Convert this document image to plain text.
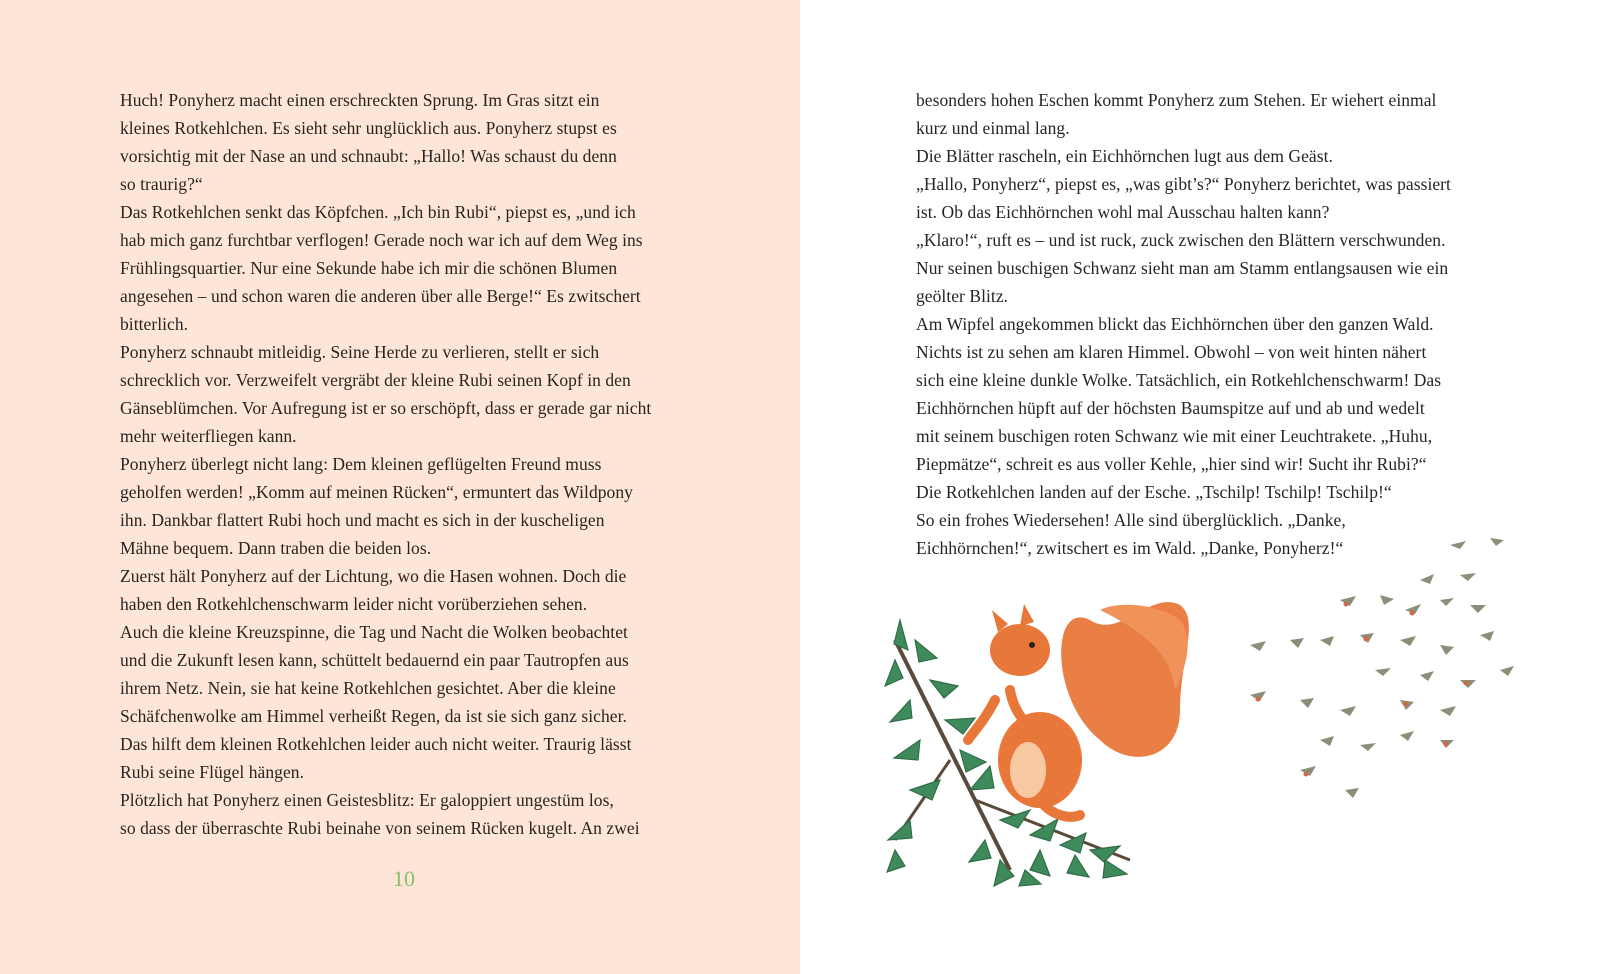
Huch! Ponyherz macht einen erschreckten Sprung. Im Gras sitzt ein
kleines Rotkehlchen. Es sieht sehr unglücklich aus. Ponyherz stupst es
vorsichtig mit der Nase an und schnaubt: „Hallo! Was schaust du denn
so traurig?“
Das Rotkehlchen senkt das Köpfchen. „Ich bin Rubi“, piepst es, „und ich
hab mich ganz furchtbar verflogen! Gerade noch war ich auf dem Weg ins
Frühlingsquartier. Nur eine Sekunde habe ich mir die schönen Blumen
angesehen – und schon waren die anderen über alle Berge!“ Es zwitschert
bitterlich.
Ponyherz schnaubt mitleidig. Seine Herde zu verlieren, stellt er sich
schrecklich vor. Verzweifelt vergräbt der kleine Rubi seinen Kopf in den
Gänseblümchen. Vor Aufregung ist er so erschöpft, dass er gerade gar nicht
mehr weiterfliegen kann.
Ponyherz überlegt nicht lang: Dem kleinen geflügelten Freund muss
geholfen werden! „Komm auf meinen Rücken“, ermuntert das Wildpony
ihn. Dankbar flattert Rubi hoch und macht es sich in der kuscheligen
Mähne bequem. Dann traben die beiden los.
Zuerst hält Ponyherz auf der Lichtung, wo die Hasen wohnen. Doch die
haben den Rotkehlchenschwarm leider nicht vorüberziehen sehen.
Auch die kleine Kreuzspinne, die Tag und Nacht die Wolken beobachtet
und die Zukunft lesen kann, schüttelt bedauernd ein paar Tautropfen aus
ihrem Netz. Nein, sie hat keine Rotkehlchen gesichtet. Aber die kleine
Schäfchenwolke am Himmel verheißt Regen, da ist sie sich ganz sicher.
Das hilft dem kleinen Rotkehlchen leider auch nicht weiter. Traurig lässt
Rubi seine Flügel hängen.
Plötzlich hat Ponyherz einen Geistesblitz: Er galoppiert ungestüm los,
so dass der überraschte Rubi beinahe von seinem Rücken kugelt. An zwei
10
besonders hohen Eschen kommt Ponyherz zum Stehen. Er wiehert einmal
kurz und einmal lang.
Die Blätter rascheln, ein Eichhörnchen lugt aus dem Geäst.
„Hallo, Ponyherz“, piepst es, „was gibt’s?“ Ponyherz berichtet, was passiert
ist. Ob das Eichhörnchen wohl mal Ausschau halten kann?
„Klaro!“, ruft es – und ist ruck, zuck zwischen den Blättern verschwunden.
Nur seinen buschigen Schwanz sieht man am Stamm entlangsausen wie ein
geölter Blitz.
Am Wipfel angekommen blickt das Eichhörnchen über den ganzen Wald.
Nichts ist zu sehen am klaren Himmel. Obwohl – von weit hinten nähert
sich eine kleine dunkle Wolke. Tatsächlich, ein Rotkehlchenschwarm! Das
Eichhörnchen hüpft auf der höchsten Baumspitze auf und ab und wedelt
mit seinem buschigen roten Schwanz wie mit einer Leuchtrakete. „Huhu,
Piepmätze“, schreit es aus voller Kehle, „hier sind wir! Sucht ihr Rubi?“
Die Rotkehlchen landen auf der Esche. „Tschilp! Tschilp! Tschilp!“
So ein frohes Wiedersehen! Alle sind überglücklich. „Danke,
Eichhörnchen!“, zwitschert es im Wald. „Danke, Ponyherz!“
